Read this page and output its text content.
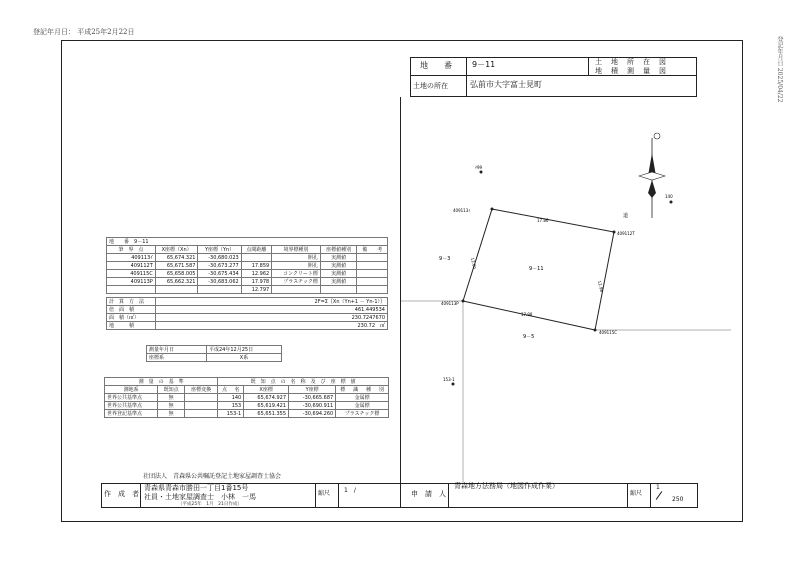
登記年月日： 平成25年2月22日
登記年月日 2025/04/22
地　　番	9－11	土　地　所　在　図
地　積　測　量　図
土地の所在	弘前市大字富士見町
地　　番　 9－11						
筆　界　点	X座標（Xn）	Y座標（Yn）	点間距離	境界標種別	座標値種別	備　　考
409113ｲ	65,674.321	-30,680.023		開孔	実測値	
409112T	65,671.587	-30,673.277	17.859	開孔	実測値	
409115C	65,658.005	-30,675.434	12.962	コンクリート標	実測値	
409113P	65,662.321	-30,683.062	17.978	プラスチック標	実測値	
			12.797			

計　算　方　法	2F=Σ｛Xn（Yn+1 － Yn-1）｝					
倍　面　積	461.449534					
面　積（㎡）	230.7247670					
地　　　積	230.72　㎡					
測量年月日	平成24年12月25日
座標系	X系
測　量　の　基　準			既　知　点　の　名　称　及　び　座　標　値							
測地系	既知点	座標変換	点	名	X座標	Y座標	標	識	種	別
世界公共基準点	無		140		65,674.927	-30,665.687	金属標			
世界公共基準点	無		153		65,619.421	-30,690.911	金属標			
世界登記基準点	無		153-1		65,651.355	-30,694.260	プラスチック標			
409113ｲ
409112T
409115C
409113P
140
153-1
ﾃ99
9－11
9－3
9－5
道
17.86
12.80
17.98
12.96
社団法人　青森県公共嘱託登記土地家屋調査士協会
作　成　者
青森県青森市勝田一丁目1番15号
社員・土地家屋調査士　小林　一馬
（平成25年　1月　21日作成）
縮尺 1　/	申　請　人
青森地方法務局（地図作成作業）
縮尺
1
250
